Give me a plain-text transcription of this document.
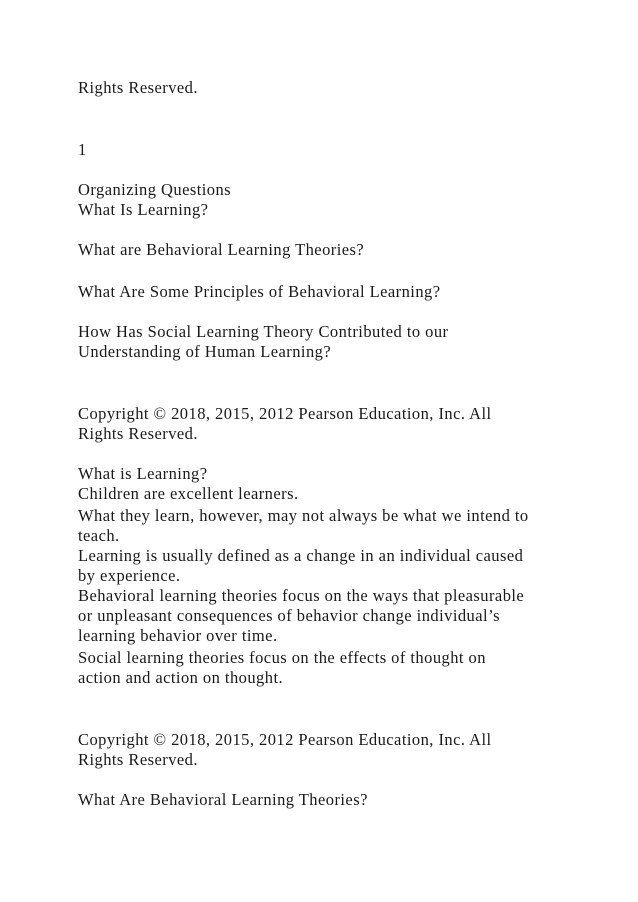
Rights Reserved.

1

Organizing Questions

What Is Learning?

What are Behavioral Learning Theories?

What Are Some Principles of Behavioral Learning?

How Has Social Learning Theory Contributed to our

Understanding of Human Learning?

Copyright © 2018, 2015, 2012 Pearson Education, Inc. All

Rights Reserved.

What is Learning?

Children are excellent learners.

What they learn, however, may not always be what we intend to

teach.

Learning is usually defined as a change in an individual caused

by experience.

Behavioral learning theories focus on the ways that pleasurable

or unpleasant consequences of behavior change individual’s

learning behavior over time.

Social learning theories focus on the effects of thought on

action and action on thought.

Copyright © 2018, 2015, 2012 Pearson Education, Inc. All

Rights Reserved.

What Are Behavioral Learning Theories?
